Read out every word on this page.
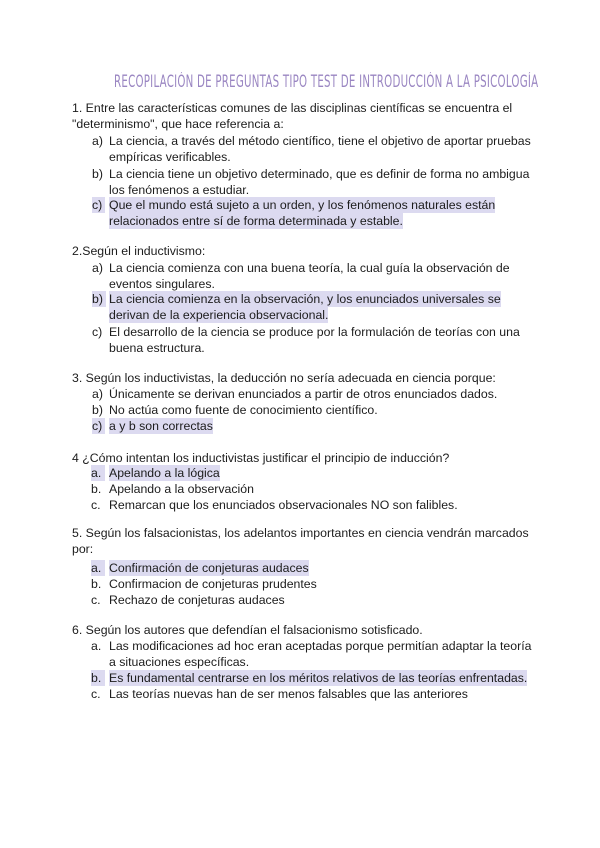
RECOPILACIÓN DE PREGUNTAS TIPO TEST DE INTRODUCCIÓN A LA PSICOLOGÍA
1. Entre las características comunes de las disciplinas científicas se encuentra el
"determinismo", que hace referencia a:
a) La ciencia, a través del método científico, tiene el objetivo de aportar pruebas
empíricas verificables.
b) La ciencia tiene un objetivo determinado, que es definir de forma no ambigua
los fenómenos a estudiar.
c) Que el mundo está sujeto a un orden, y los fenómenos naturales están
relacionados entre sí de forma determinada y estable.
2.Según el inductivismo:
a) La ciencia comienza con una buena teoría, la cual guía la observación de
eventos singulares.
b) La ciencia comienza en la observación, y los enunciados universales se
derivan de la experiencia observacional.
c) El desarrollo de la ciencia se produce por la formulación de teorías con una
buena estructura.
3. Según los inductivistas, la deducción no sería adecuada en ciencia porque:
a) Únicamente se derivan enunciados a partir de otros enunciados dados.
b) No actúa como fuente de conocimiento científico.
c) a y b son correctas
4 ¿Cómo intentan los inductivistas justificar el principio de inducción?
a. Apelando a la lógica
b. Apelando a la observación
c. Remarcan que los enunciados observacionales NO son falibles.
5. Según los falsacionistas, los adelantos importantes en ciencia vendrán marcados
por:
a. Confirmación de conjeturas audaces
b. Confirmacion de conjeturas prudentes
c. Rechazo de conjeturas audaces
6. Según los autores que defendían el falsacionismo sotisficado.
a. Las modificaciones ad hoc eran aceptadas porque permitían adaptar la teoría
a situaciones específicas.
b. Es fundamental centrarse en los méritos relativos de las teorías enfrentadas.
c. Las teorías nuevas han de ser menos falsables que las anteriores
